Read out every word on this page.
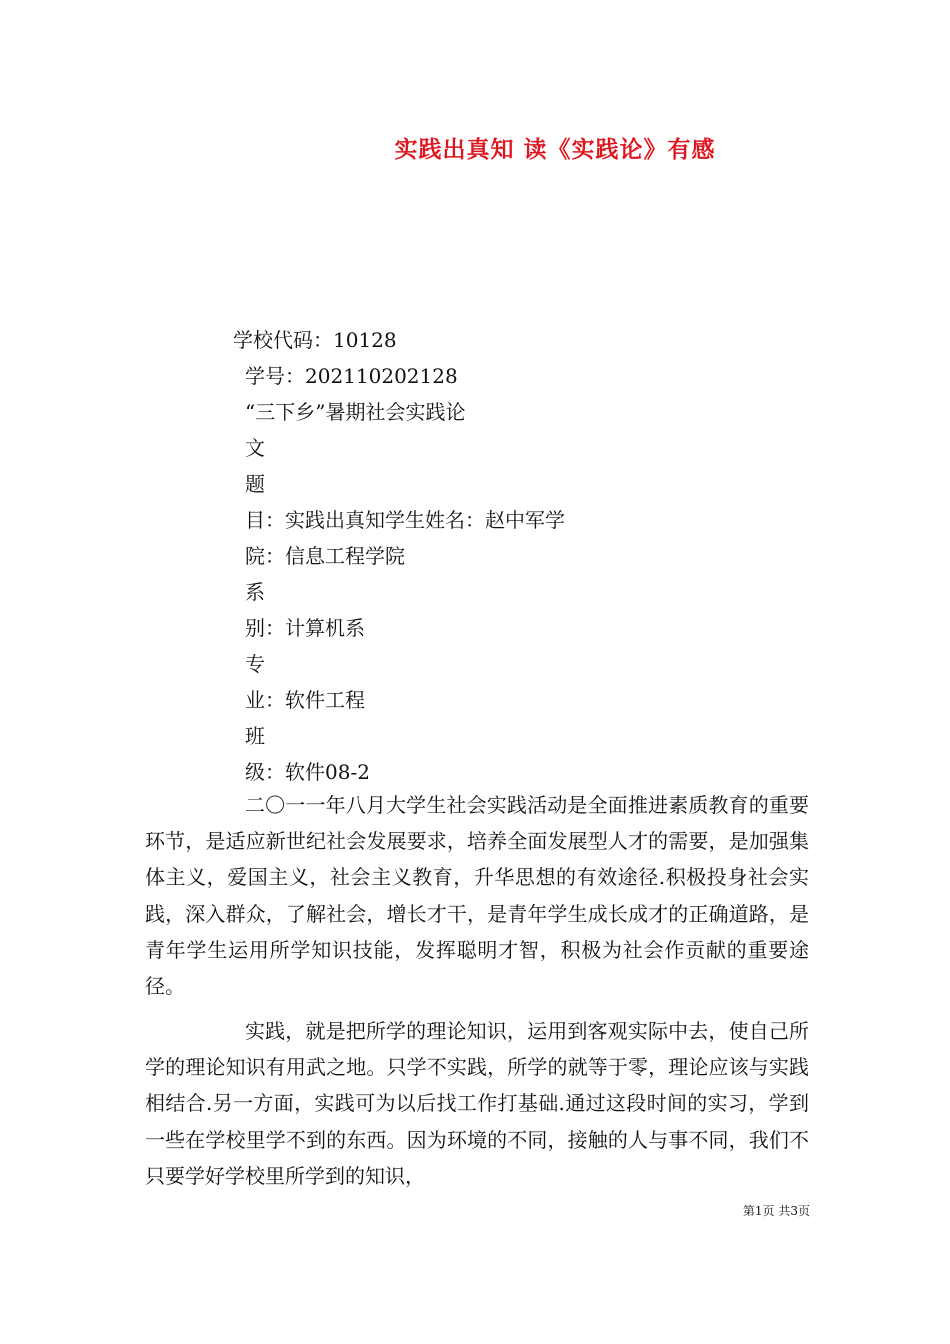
实践出真知 读《实践论》有感
学校代码：10128
学号：202110202128
“三下乡”暑期社会实践论
文
题
目：实践出真知学生姓名：赵中军学
院：信息工程学院
系
别：计算机系
专
业：软件工程
班
级：软件08-2

二〇一一年八月大学生社会实践活动是全面推进素质教育的重要环节，是适应新世纪社会发展要求，培养全面发展型人才的需要，是加强集体主义，爱国主义，社会主义教育，升华思想的有效途径.积极投身社会实践，深入群众，了解社会，增长才干，是青年学生成长成才的正确道路，是青年学生运用所学知识技能，发挥聪明才智，积极为社会作贡献的重要途径。

实践，就是把所学的理论知识，运用到客观实际中去，使自己所学的理论知识有用武之地。只学不实践，所学的就等于零，理论应该与实践相结合.另一方面，实践可为以后找工作打基础.通过这段时间的实习，学到一些在学校里学不到的东西。因为环境的不同，接触的人与事不同，我们不只要学好学校里所学到的知识，

第1页 共3页
